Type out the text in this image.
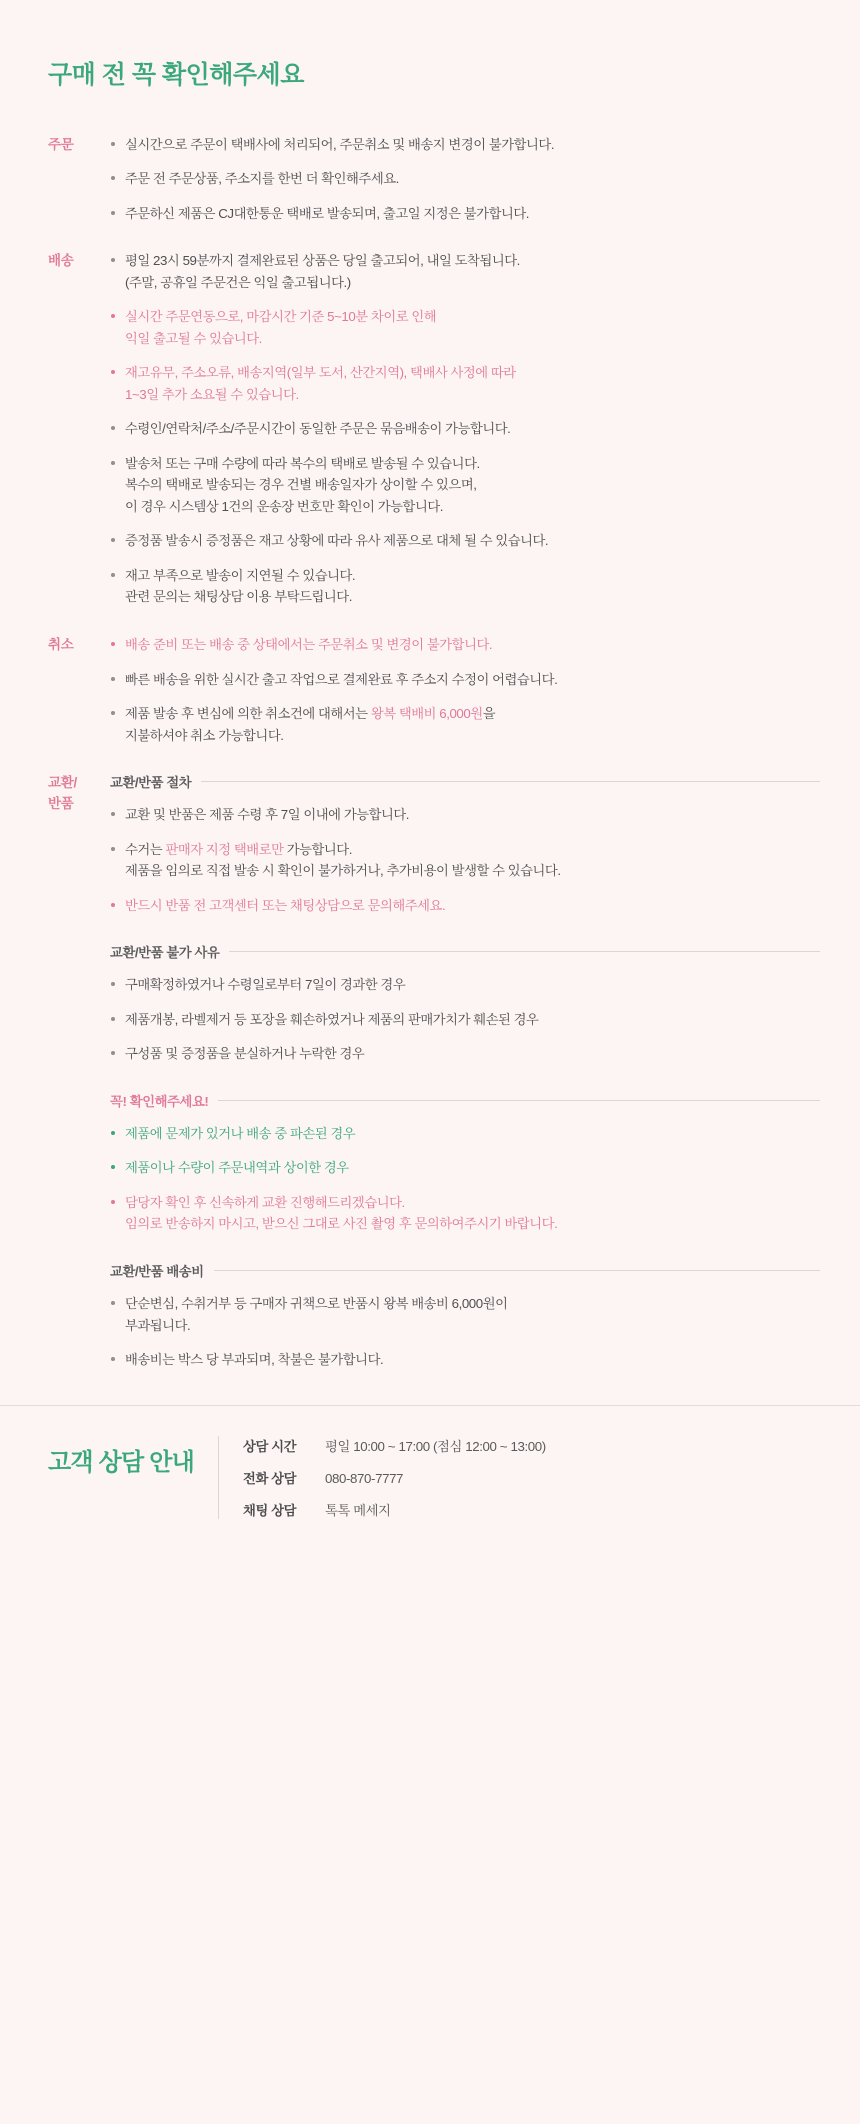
구매 전 꼭 확인해주세요
주문	실시간으로 주문이 택배사에 처리되어, 주문취소 및 배송지 변경이 불가합니다.
주문 전 주문상품, 주소지를 한번 더 확인해주세요.
주문하신 제품은 CJ대한통운 택배로 발송되며, 출고일 지정은 불가합니다.
배송	평일 23시 59분까지 결제완료된 상품은 당일 출고되어, 내일 도착됩니다.
(주말, 공휴일 주문건은 익일 출고됩니다.)
실시간 주문연동으로, 마감시간 기준 5~10분 차이로 인해
익일 출고될 수 있습니다.
재고유무, 주소오류, 배송지역(일부 도서, 산간지역), 택배사 사정에 따라
1~3일 추가 소요될 수 있습니다.
수령인/연락처/주소/주문시간이 동일한 주문은 묶음배송이 가능합니다.
발송처 또는 구매 수량에 따라 복수의 택배로 발송될 수 있습니다.
복수의 택배로 발송되는 경우 건별 배송일자가 상이할 수 있으며,
이 경우 시스템상 1건의 운송장 번호만 확인이 가능합니다.
증정품 발송시 증정품은 재고 상황에 따라 유사 제품으로 대체 될 수 있습니다.
재고 부족으로 발송이 지연될 수 있습니다.
관련 문의는 채팅상담 이용 부탁드립니다.
취소	배송 준비 또는 배송 중 상태에서는 주문취소 및 변경이 불가합니다.
빠른 배송을 위한 실시간 출고 작업으로 결제완료 후 주소지 수정이 어렵습니다.
제품 발송 후 변심에 의한 취소건에 대해서는 왕복 택배비 6,000원을
지불하셔야 취소 가능합니다.
교환/
반품
교환/반품 절차
교환 및 반품은 제품 수령 후 7일 이내에 가능합니다.
수거는 판매자 지정 택배로만 가능합니다.
제품을 임의로 직접 발송 시 확인이 불가하거나, 추가비용이 발생할 수 있습니다.
반드시 반품 전 고객센터 또는 채팅상담으로 문의해주세요.
교환/반품 불가 사유
구매확정하였거나 수령일로부터 7일이 경과한 경우
제품개봉, 라벨제거 등 포장을 훼손하였거나 제품의 판매가치가 훼손된 경우
구성품 및 증정품을 분실하거나 누락한 경우
꼭! 확인해주세요!
제품에 문제가 있거나 배송 중 파손된 경우
제품이나 수량이 주문내역과 상이한 경우
담당자 확인 후 신속하게 교환 진행해드리겠습니다.
임의로 반송하지 마시고, 받으신 그대로 사진 촬영 후 문의하여주시기 바랍니다.
교환/반품 배송비
단순변심, 수취거부 등 구매자 귀책으로 반품시 왕복 배송비 6,000원이
부과됩니다.
배송비는 박스 당 부과되며, 착불은 불가합니다.
고객 상담 안내
상담 시간	평일 10:00 ~ 17:00 (점심 12:00 ~ 13:00)
전화 상담	080-870-7777
채팅 상담	톡톡 메세지
